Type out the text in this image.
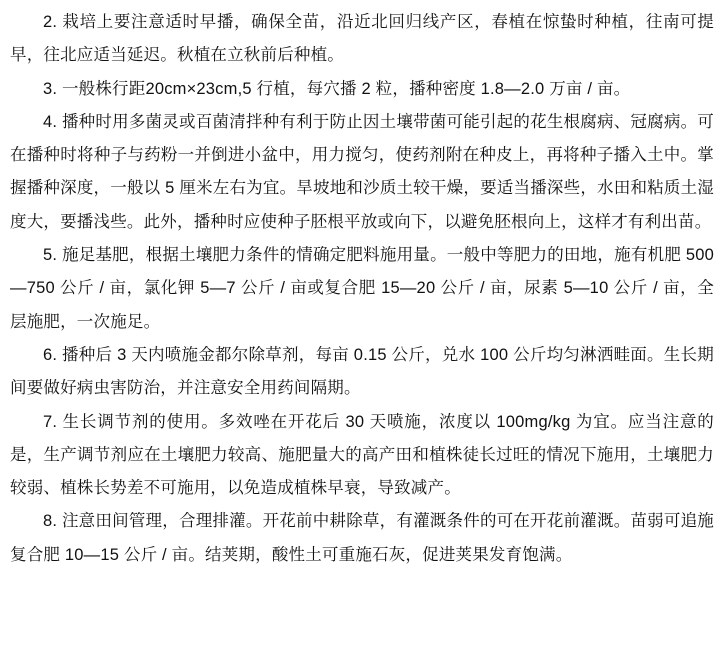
2. 栽培上要注意适时早播，确保全苗，沿近北回归线产区，春植在惊蛰时种植，往南可提早，往北应适当延迟。秋植在立秋前后种植。

3. 一般株行距20cm×23cm,5 行植，每穴播 2 粒，播种密度 1.8—2.0 万亩 / 亩。

4. 播种时用多菌灵或百菌清拌种有利于防止因土壤带菌可能引起的花生根腐病、冠腐病。可在播种时将种子与药粉一并倒进小盆中，用力搅匀，使药剂附在种皮上，再将种子播入土中。掌握播种深度，一般以 5 厘米左右为宜。旱坡地和沙质土较干燥，要适当播深些，水田和粘质土湿度大，要播浅些。此外，播种时应使种子胚根平放或向下，以避免胚根向上，这样才有利出苗。

5. 施足基肥，根据土壤肥力条件的情确定肥料施用量。一般中等肥力的田地，施有机肥 500—750 公斤 / 亩，氯化钾 5—7 公斤 / 亩或复合肥 15—20 公斤 / 亩，尿素 5—10 公斤 / 亩，全层施肥，一次施足。

6. 播种后 3 天内喷施金都尔除草剂，每亩 0.15 公斤，兑水 100 公斤均匀淋洒畦面。生长期间要做好病虫害防治，并注意安全用药间隔期。

7. 生长调节剂的使用。多效唑在开花后 30 天喷施，浓度以 100mg/kg 为宜。应当注意的是，生产调节剂应在土壤肥力较高、施肥量大的高产田和植株徒长过旺的情况下施用，土壤肥力较弱、植株长势差不可施用，以免造成植株早衰，导致减产。

8. 注意田间管理，合理排灌。开花前中耕除草，有灌溉条件的可在开花前灌溉。苗弱可追施复合肥 10—15 公斤 / 亩。结荚期，酸性土可重施石灰，促进荚果发育饱满。
